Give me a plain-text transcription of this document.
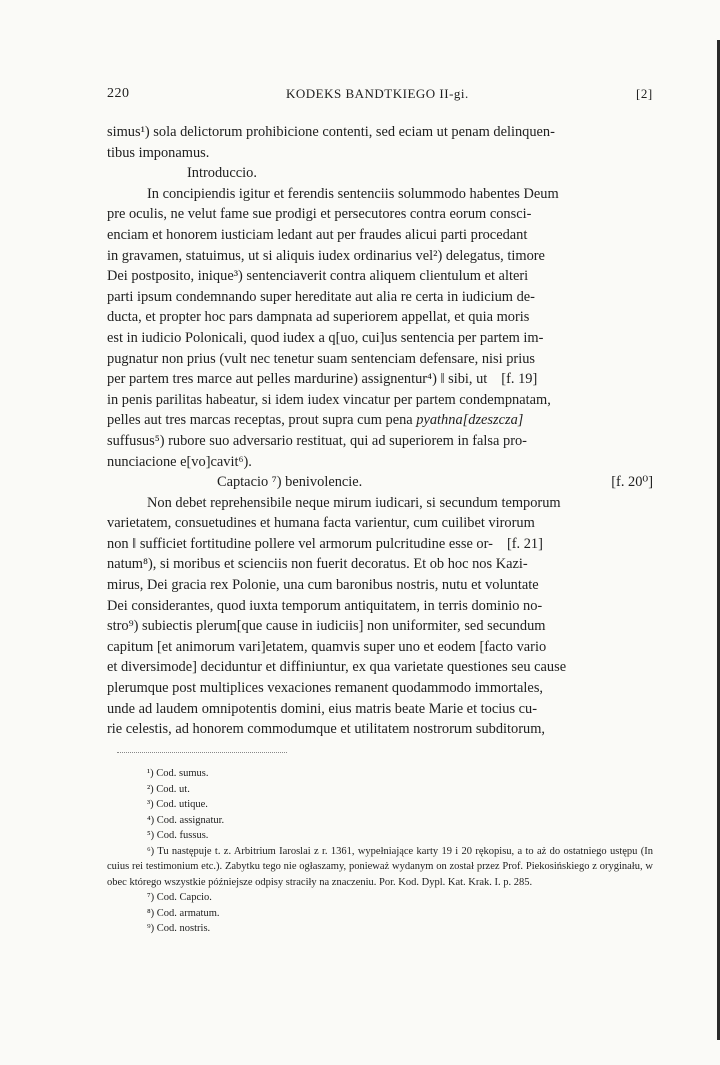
220	KODEKS BANDTKIEGO II-gi.	[2]

simus¹) sola delictorum prohibicione contenti, sed eciam ut penam delinquen-

tibus imponamus.

Introduccio.

In concipiendis igitur et ferendis sentenciis solummodo habentes Deum

pre oculis, ne velut fame sue prodigi et persecutores contra eorum consci-

enciam et honorem iusticiam ledant aut per fraudes alicui parti procedant

in gravamen, statuimus, ut si aliquis iudex ordinarius vel²) delegatus, timore

Dei postposito, inique³) sentenciaverit contra aliquem clientulum et alteri

parti ipsum condemnando super hereditate aut alia re certa in iudicium de-

ducta, et propter hoc pars dampnata ad superiorem appellat, et quia moris

est in iudicio Polonicali, quod iudex a q[uo, cui]us sentencia per partem im-

pugnatur non prius (vult nec tenetur suam sentenciam defensare, nisi prius

per partem tres marce aut pelles mardurine) assignentur⁴) ‖ sibi, ut [f. 19]

in penis parilitas habeatur, si idem iudex vincatur per partem condempnatam,

pelles aut tres marcas receptas, prout supra cum pena pyathna[dzeszcza]

suffusus⁵) rubore suo adversario restituat, qui ad superiorem in falsa pro-

nunciacione e[vo]cavit⁶).

Captacio ⁷) benivolencie.	[f. 20⁰]

Non debet reprehensibile neque mirum iudicari, si secundum temporum

varietatem, consuetudines et humana facta varientur, cum cuilibet virorum

non ‖ sufficiet fortitudine pollere vel armorum pulcritudine esse or- [f. 21]

natum⁸), si moribus et scienciis non fuerit decoratus. Et ob hoc nos Kazi-

mirus, Dei gracia rex Polonie, una cum baronibus nostris, nutu et voluntate

Dei considerantes, quod iuxta temporum antiquitatem, in terris dominio no-

stro⁹) subiectis plerum[que cause in iudiciis] non uniformiter, sed secundum

capitum [et animorum vari]etatem, quamvis super uno et eodem [facto vario

et diversimode] deciduntur et diffiniuntur, ex qua varietate questiones seu cause

plerumque post multiplices vexaciones remanent quodammodo immortales,

unde ad laudem omnipotentis domini, eius matris beate Marie et tocius cu-

rie celestis, ad honorem commodumque et utilitatem nostrorum subditorum,

¹) Cod. sumus.
²) Cod. ut.
³) Cod. utique.
⁴) Cod. assignatur.
⁵) Cod. fussus.
⁶) Tu następuje t. z. Arbitrium Iaroslai z r. 1361, wypełniające karty 19 i 20 rękopisu, a to aż do ostatniego ustępu (In cuius rei testimonium etc.). Zabytku tego nie ogłaszamy, ponieważ wydanym on został przez Prof. Piekosińskiego z oryginału, w obec którego wszystkie późniejsze odpisy straciły na znaczeniu. Por. Kod. Dypl. Kat. Krak. I. p. 285.
⁷) Cod. Capcio.
⁸) Cod. armatum.
⁹) Cod. nostris.
